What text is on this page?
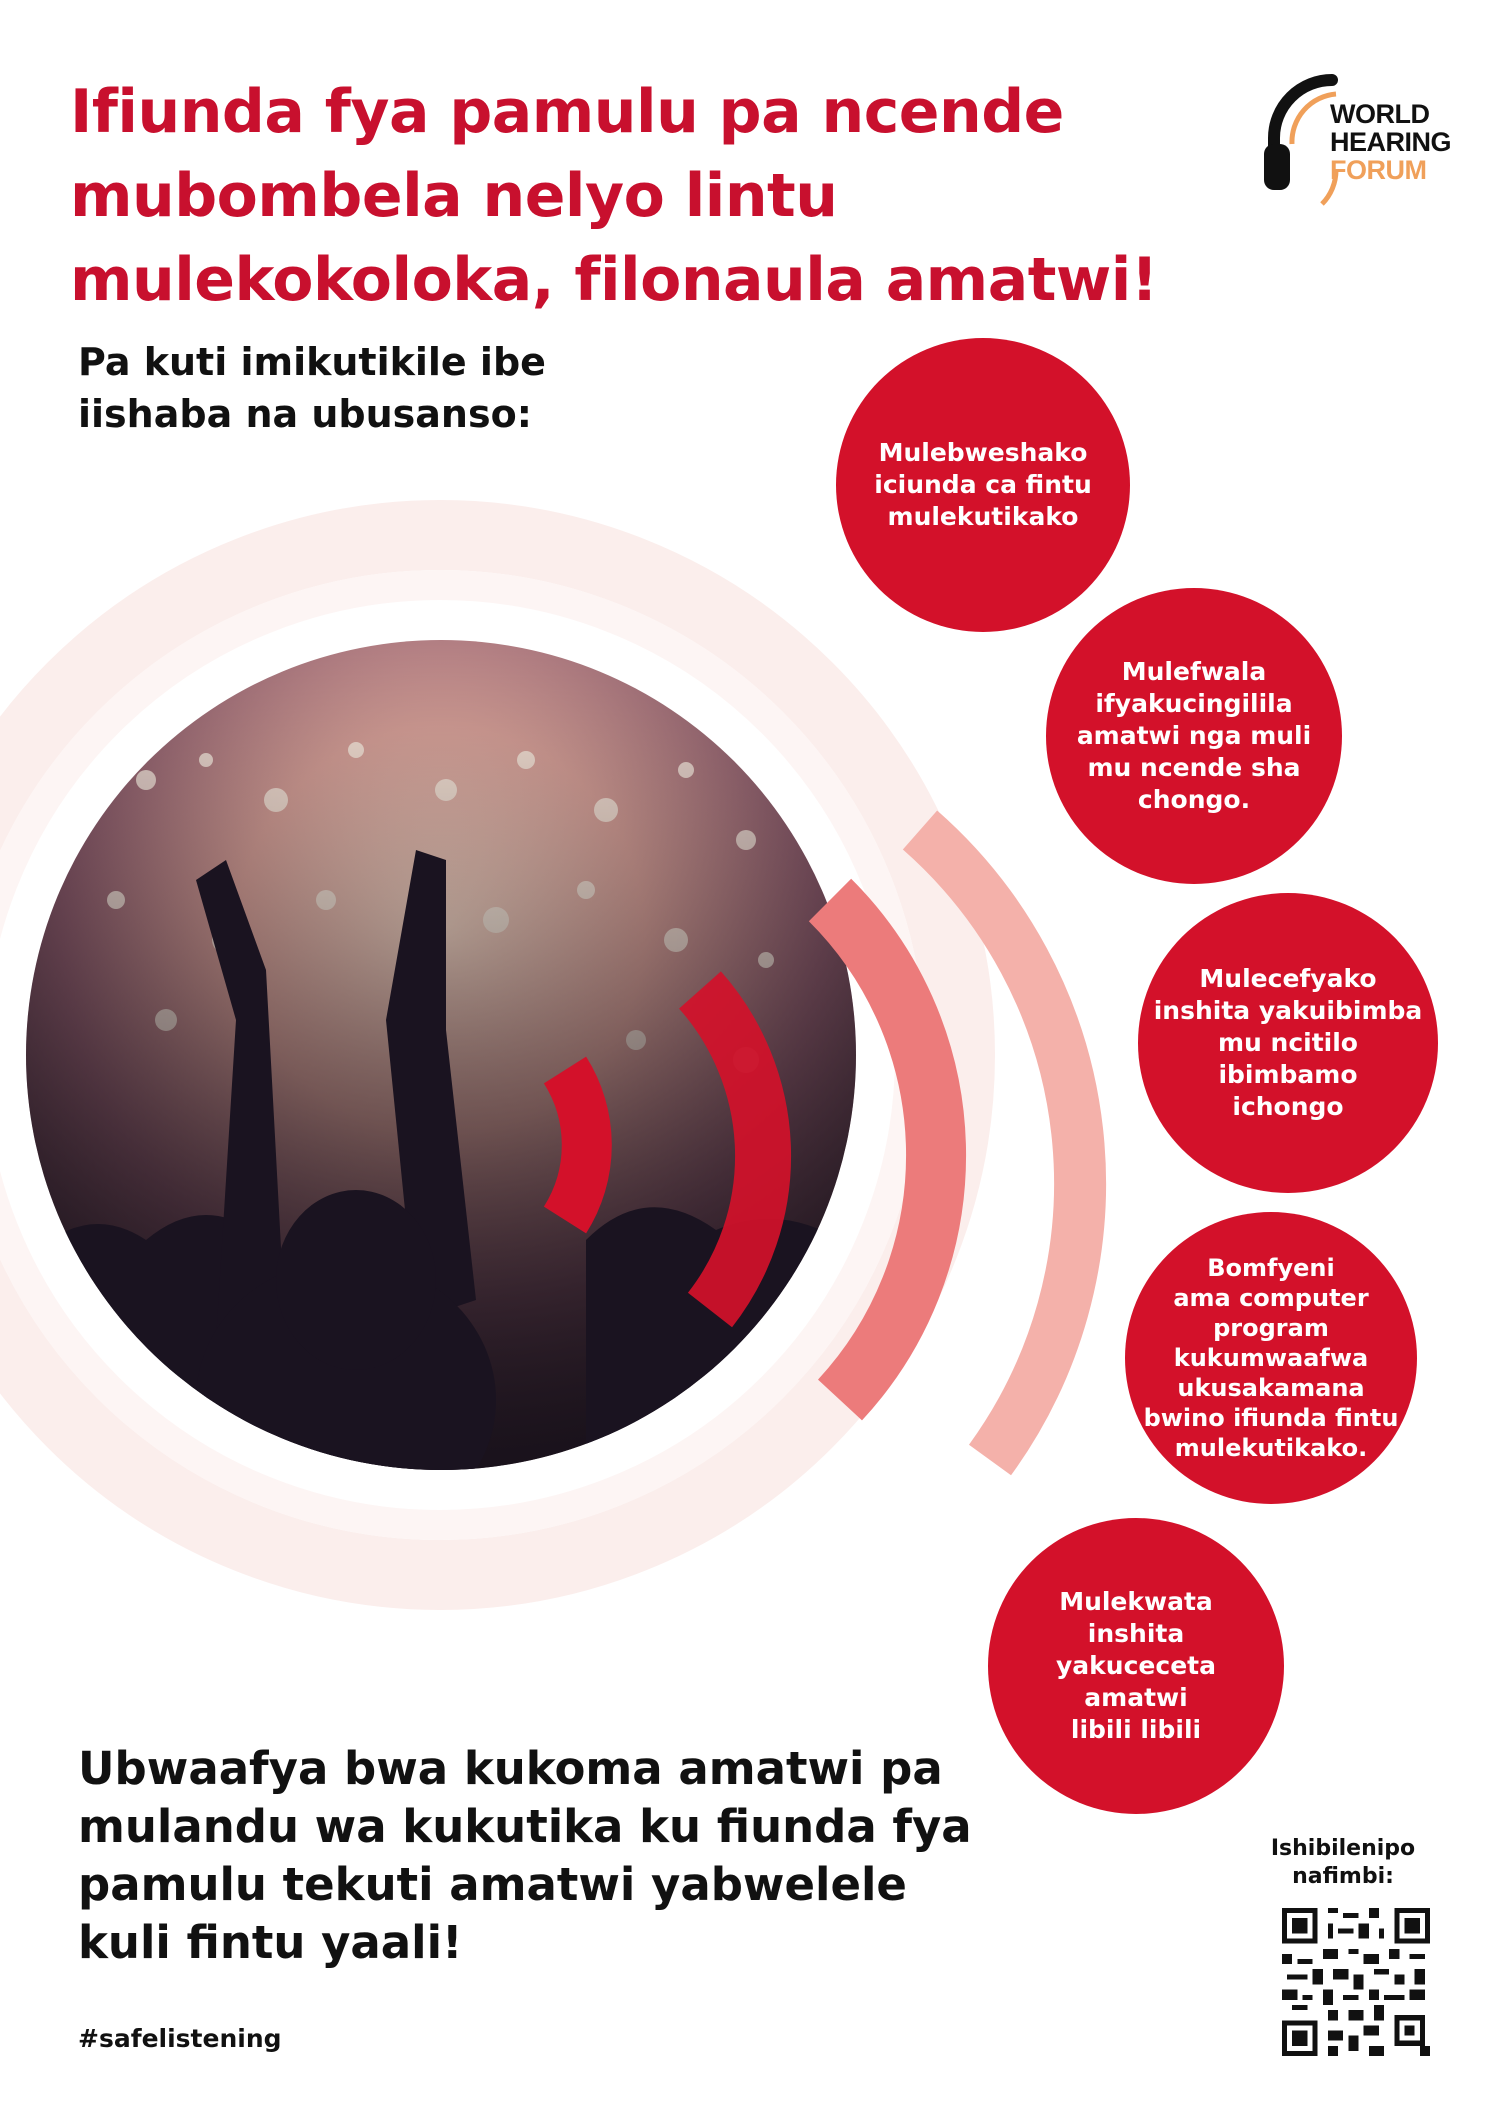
Ifiunda fya pamulu pa ncende
mubombela nelyo lintu
mulekokoloka, filonaula amatwi!
WORLD
HEARING
FORUM
Pa kuti imikutikile ibe
iishaba na ubusanso:
Mulebweshako
iciunda ca fintu
mulekutikako
Mulefwala
ifyakucingilila
amatwi nga muli
mu ncende sha
chongo.
Mulecefyako
inshita yakuibimba
mu ncitilo ibimbamo
ichongo
Bomfyeni
ama computer
program
kukumwaafwa
ukusakamana
bwino ifiunda fintu
mulekutikako.
Mulekwata inshita
yakuceceta amatwi
libili libili
Ubwaafya bwa kukoma amatwi pa
mulandu wa kukutika ku fiunda fya
pamulu tekuti amatwi yabwelele
kuli fintu yaali!
#safelistening
Ishibilenipo
nafimbi:
